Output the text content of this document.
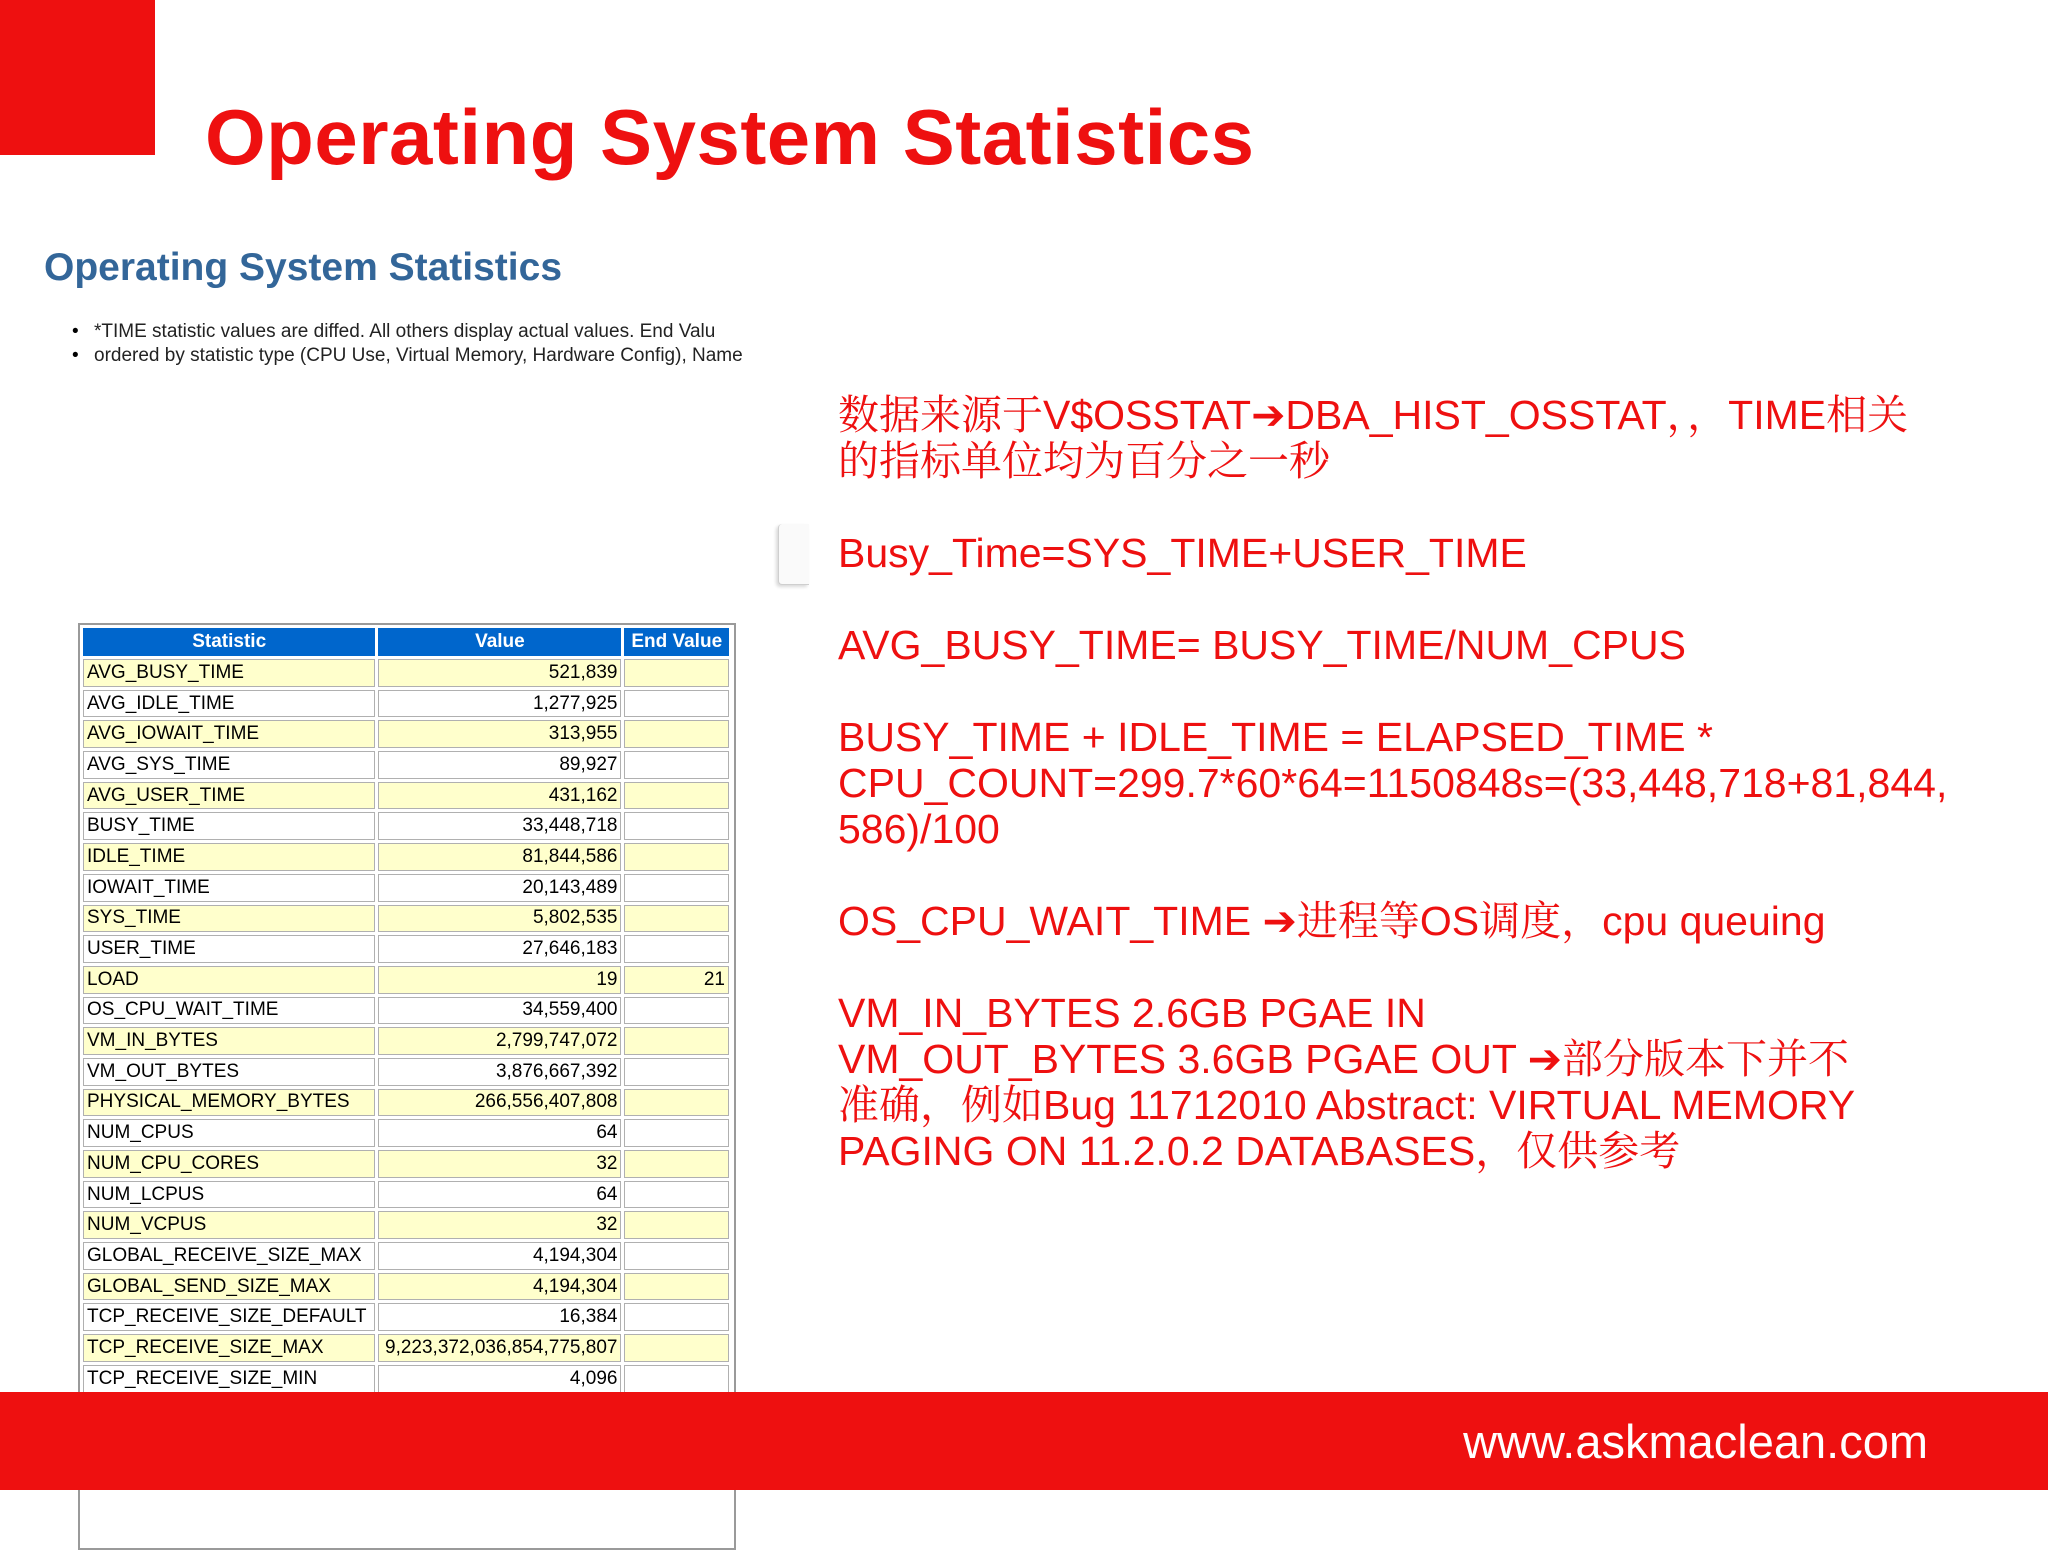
Operating System Statistics
Operating System Statistics
• *TIME statistic values are diffed. All others display actual values. End Valu
• ordered by statistic type (CPU Use, Virtual Memory, Hardware Config), Name
Statistic	Value	End Value
AVG_BUSY_TIME	521,839	
AVG_IDLE_TIME	1,277,925	
AVG_IOWAIT_TIME	313,955	
AVG_SYS_TIME	89,927	
AVG_USER_TIME	431,162	
BUSY_TIME	33,448,718	
IDLE_TIME	81,844,586	
IOWAIT_TIME	20,143,489	
SYS_TIME	5,802,535	
USER_TIME	27,646,183	
LOAD	19	21
OS_CPU_WAIT_TIME	34,559,400	
VM_IN_BYTES	2,799,747,072	
VM_OUT_BYTES	3,876,667,392	
PHYSICAL_MEMORY_BYTES	266,556,407,808	
NUM_CPUS	64	
NUM_CPU_CORES	32	
NUM_LCPUS	64	
NUM_VCPUS	32	
GLOBAL_RECEIVE_SIZE_MAX	4,194,304	
GLOBAL_SEND_SIZE_MAX	4,194,304	
TCP_RECEIVE_SIZE_DEFAULT	16,384	
TCP_RECEIVE_SIZE_MAX	9,223,372,036,854,775,807	
TCP_RECEIVE_SIZE_MIN	4,096	

数据来源于V$OSSTAT➔DBA_HIST_OSSTAT，，TIME相关
的指标单位均为百分之一秒
Busy_Time=SYS_TIME+USER_TIME
AVG_BUSY_TIME= BUSY_TIME/NUM_CPUS
BUSY_TIME + IDLE_TIME = ELAPSED_TIME *
CPU_COUNT=299.7*60*64=1150848s=(33,448,718+81,844,
586)/100
OS_CPU_WAIT_TIME ➔进程等OS调度，cpu queuing
VM_IN_BYTES 2.6GB PGAE IN
VM_OUT_BYTES 3.6GB PGAE OUT ➔部分版本下并不
准确，例如Bug 11712010 Abstract: VIRTUAL MEMORY
PAGING ON 11.2.0.2 DATABASES，仅供参考
www.askmaclean.com
